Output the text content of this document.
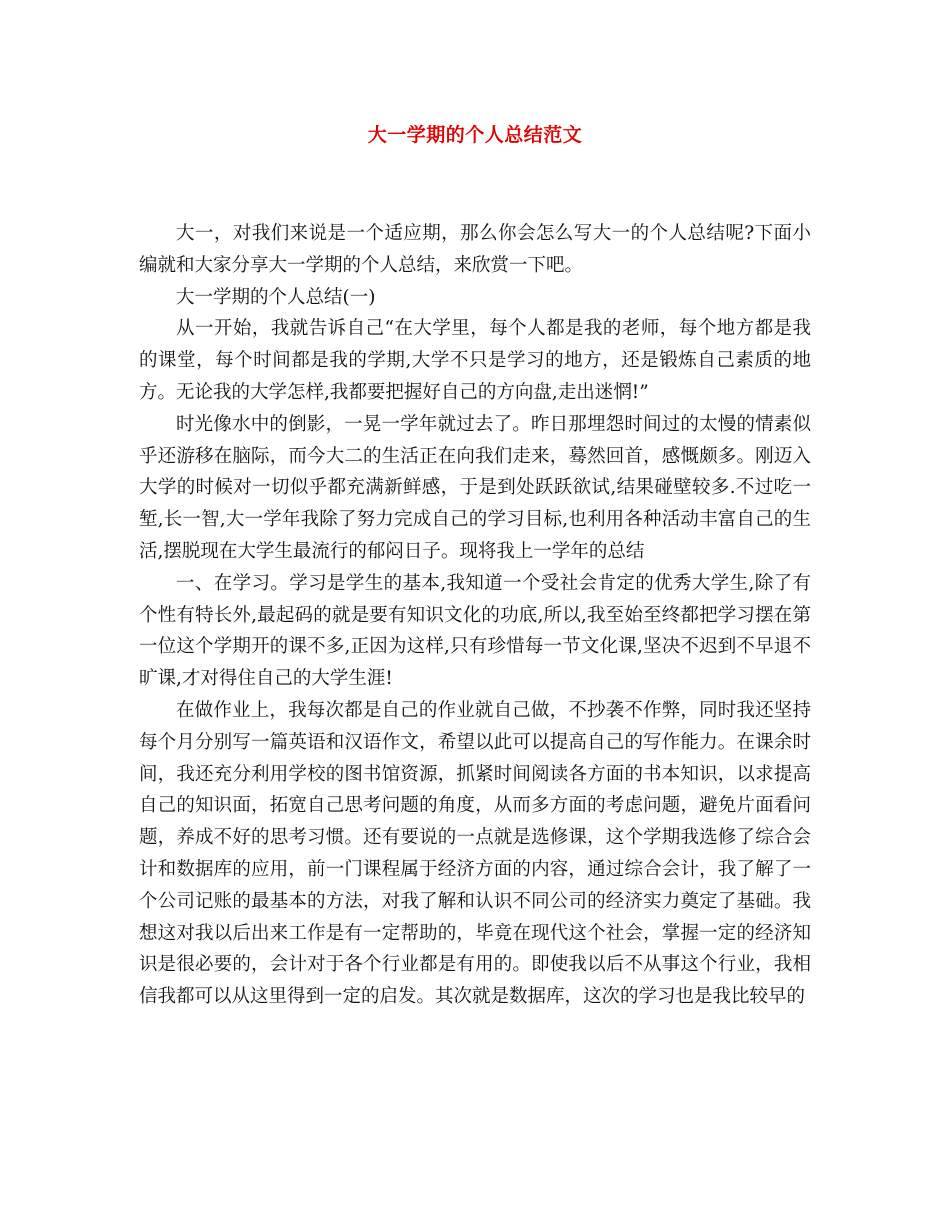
大一学期的个人总结范文

大一，对我们来说是一个适应期，那么你会怎么写大一的个人总结呢?下面小编就和大家分享大一学期的个人总结，来欣赏一下吧。

大一学期的个人总结(一)

从一开始，我就告诉自己“在大学里，每个人都是我的老师，每个地方都是我的课堂，每个时间都是我的学期,大学不只是学习的地方，还是锻炼自己素质的地方。无论我的大学怎样,我都要把握好自己的方向盘,走出迷惘!”

时光像水中的倒影，一晃一学年就过去了。昨日那埋怨时间过的太慢的情素似乎还游移在脑际，而今大二的生活正在向我们走来，蓦然回首，感慨颇多。刚迈入大学的时候对一切似乎都充满新鲜感，于是到处跃跃欲试,结果碰壁较多.不过吃一堑,长一智,大一学年我除了努力完成自己的学习目标,也利用各种活动丰富自己的生活,摆脱现在大学生最流行的郁闷日子。现将我上一学年的总结

一、在学习。学习是学生的基本,我知道一个受社会肯定的优秀大学生,除了有个性有特长外,最起码的就是要有知识文化的功底,所以,我至始至终都把学习摆在第一位这个学期开的课不多,正因为这样,只有珍惜每一节文化课,坚决不迟到不早退不旷课,才对得住自己的大学生涯!

在做作业上，我每次都是自己的作业就自己做，不抄袭不作弊，同时我还坚持每个月分别写一篇英语和汉语作文，希望以此可以提高自己的写作能力。在课余时间，我还充分利用学校的图书馆资源，抓紧时间阅读各方面的书本知识，以求提高自己的知识面，拓宽自己思考问题的角度，从而多方面的考虑问题，避免片面看问题，养成不好的思考习惯。还有要说的一点就是选修课，这个学期我选修了综合会计和数据库的应用，前一门课程属于经济方面的内容，通过综合会计，我了解了一个公司记账的最基本的方法，对我了解和认识不同公司的经济实力奠定了基础。我想这对我以后出来工作是有一定帮助的，毕竟在现代这个社会，掌握一定的经济知识是很必要的，会计对于各个行业都是有用的。即使我以后不从事这个行业，我相信我都可以从这里得到一定的启发。其次就是数据库，这次的学习也是我比较早的
